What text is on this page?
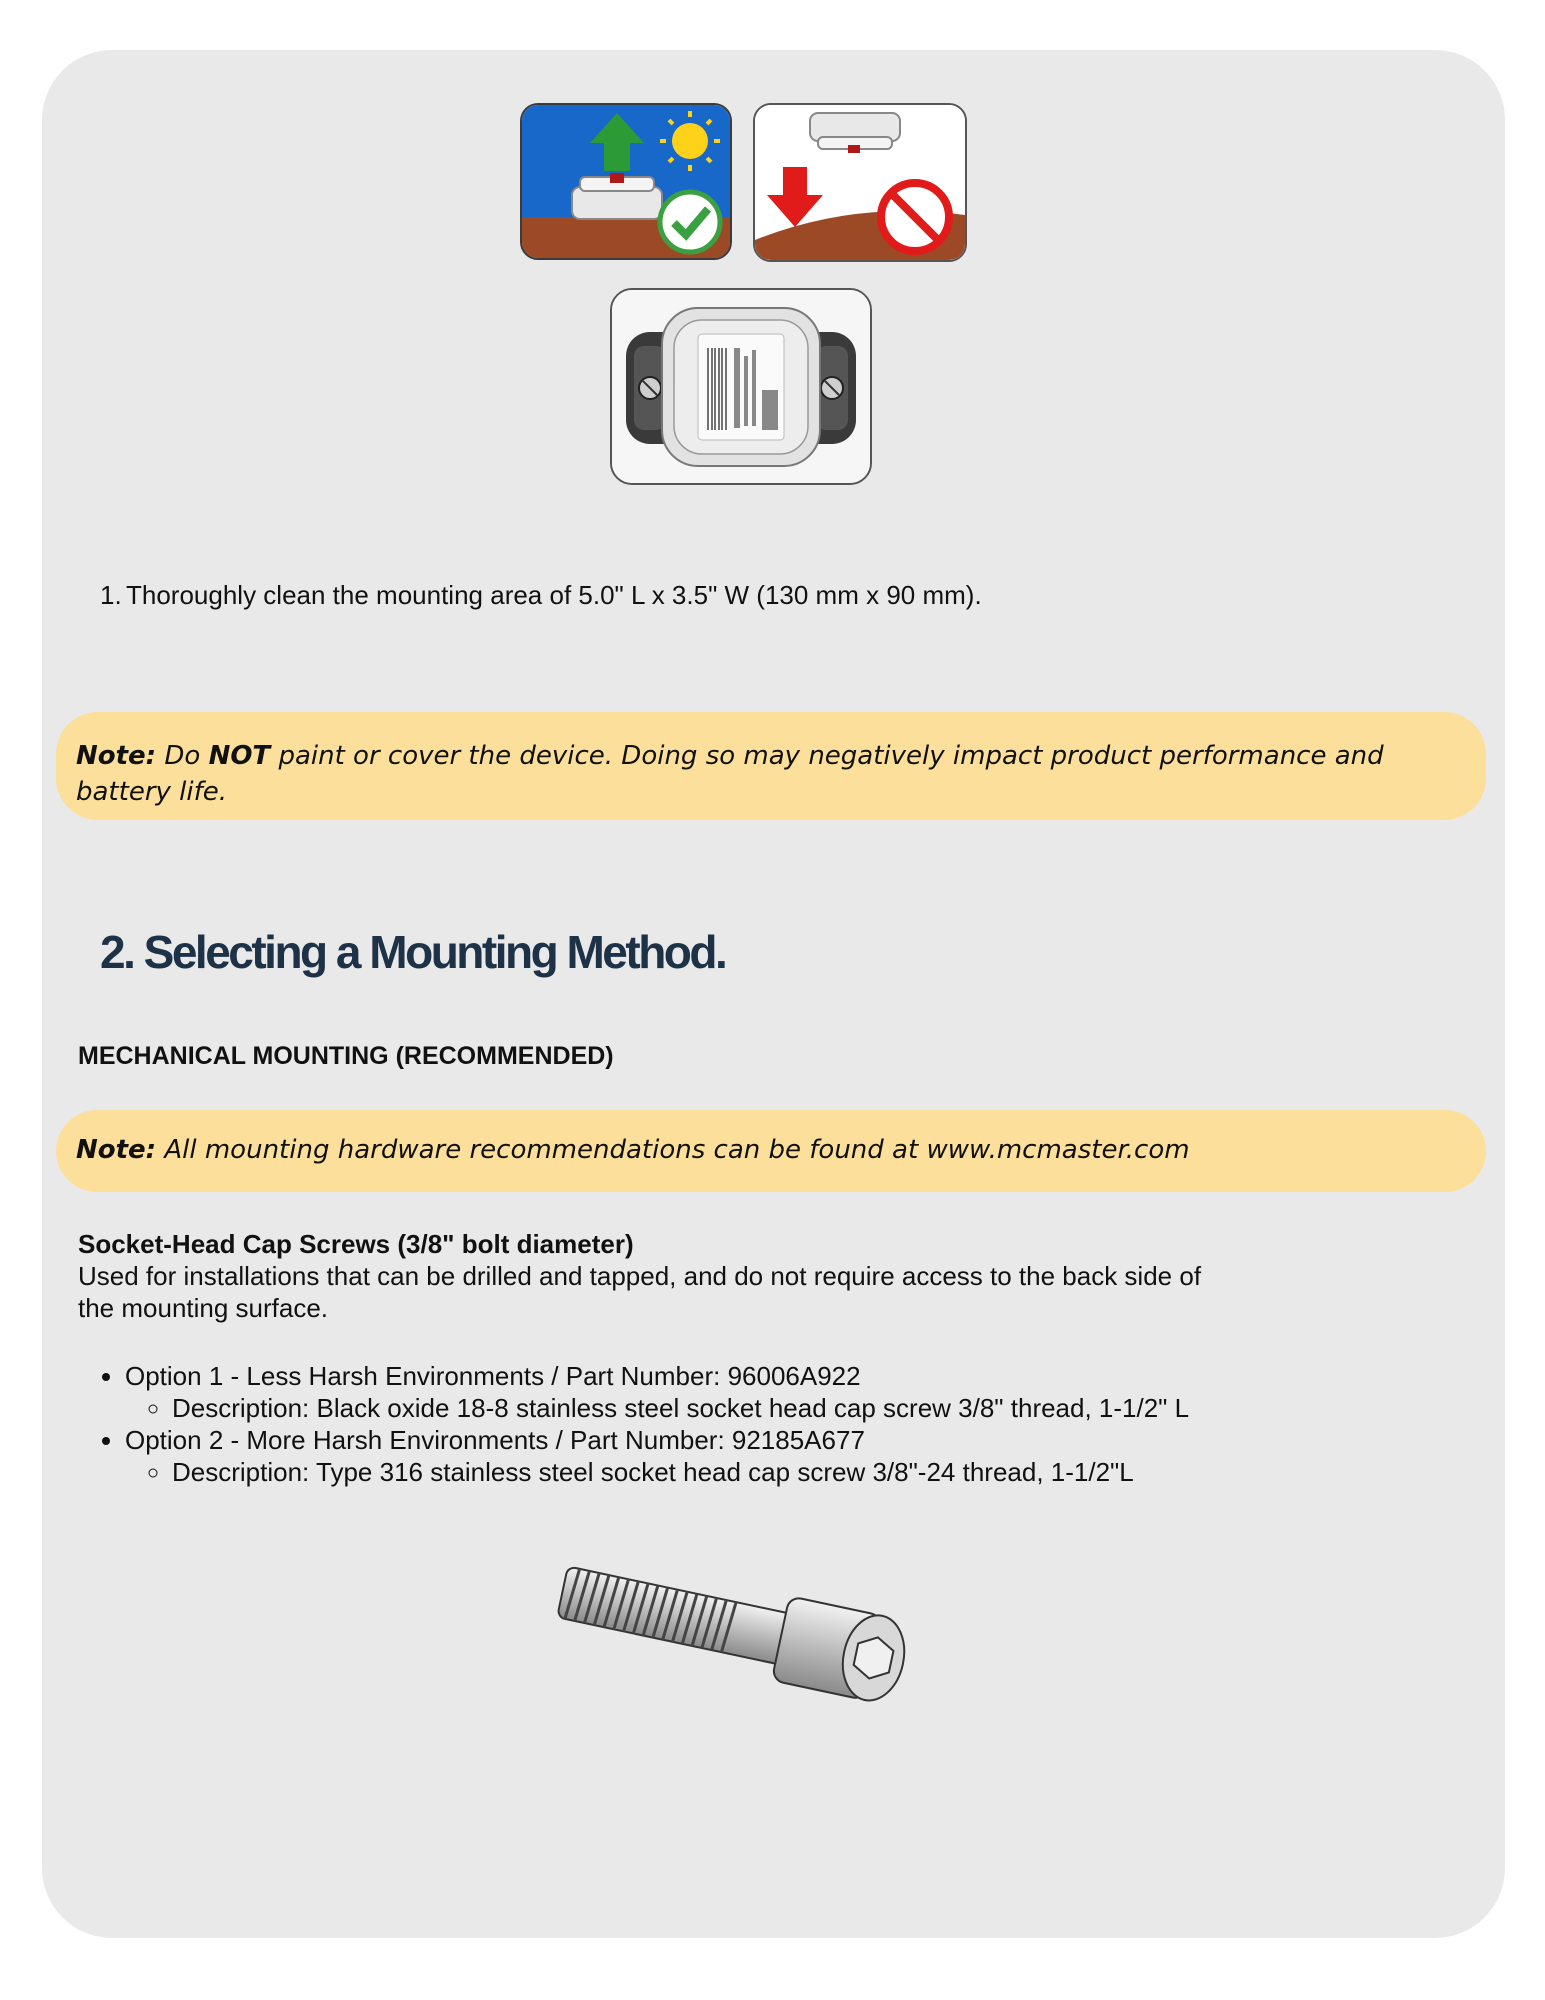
1. Thoroughly clean the mounting area of 5.0" L x 3.5" W (130 mm x 90 mm).
Note: Do NOT paint or cover the device. Doing so may negatively impact product performance and battery life.
2. Selecting a Mounting Method.
MECHANICAL MOUNTING (RECOMMENDED)
Note: All mounting hardware recommendations can be found at www.mcmaster.com
Socket-Head Cap Screws (3/8" bolt diameter)
Used for installations that can be drilled and tapped, and do not require access to the back side of
the mounting surface.
• Option 1 - Less Harsh Environments / Part Number: 96006A922
◦ Description: Black oxide 18-8 stainless steel socket head cap screw 3/8" thread, 1-1/2" L
• Option 2 - More Harsh Environments / Part Number: 92185A677
◦ Description: Type 316 stainless steel socket head cap screw 3/8"-24 thread, 1-1/2"L
